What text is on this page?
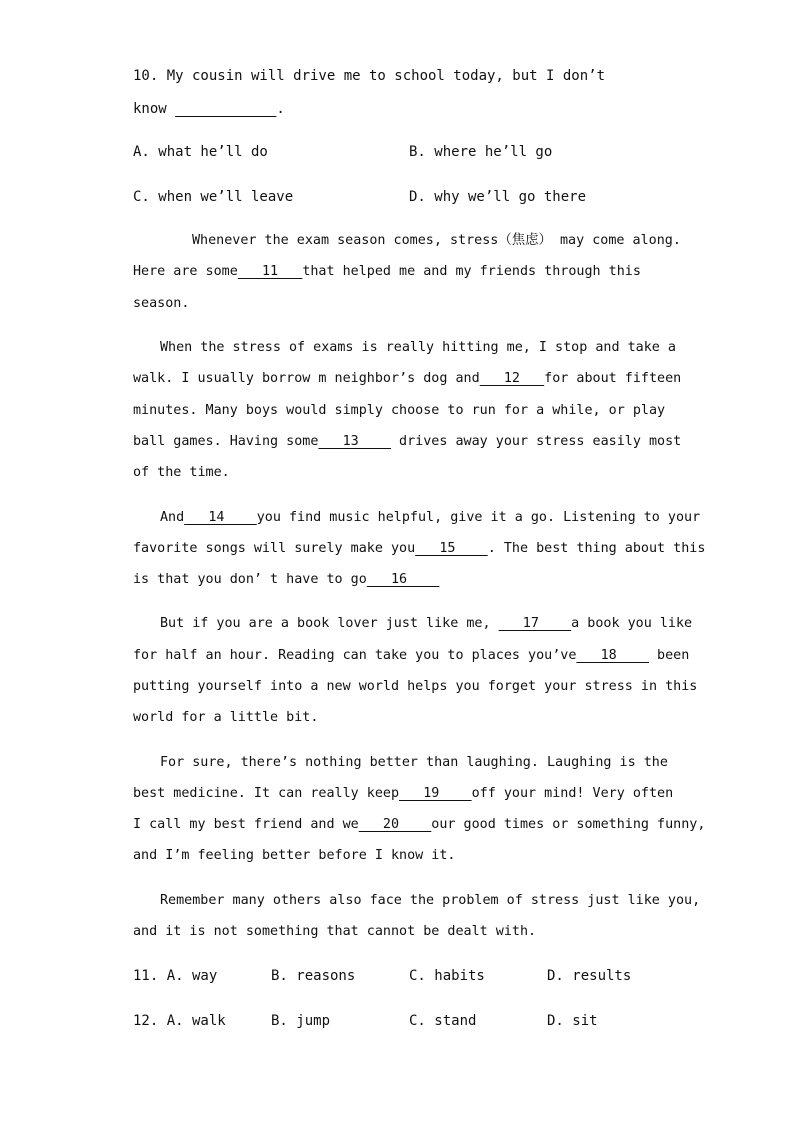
10. My cousin will drive me to school today, but I don’t
know ____________.
A. what he’ll do	B. where he’ll go
C. when we’ll leave	D. why we’ll go there
Whenever the exam season comes, stress（焦虑） may come along.
Here are some   11   that helped me and my friends through this
season.
When the stress of exams is really hitting me, I stop and take a
walk. I usually borrow m neighbor’s dog and   12   for about fifteen
minutes. Many boys would simply choose to run for a while, or play
ball games. Having some   13     drives away your stress easily most
of the time.
And   14    you find music helpful, give it a go. Listening to your
favorite songs will surely make you   15    . The best thing about this
is that you don’ t have to go   16
But if you are a book lover just like me,    17    a book you like
for half an hour. Reading can take you to places you’ve   18     been
putting yourself into a new world helps you forget your stress in this
world for a little bit.
For sure, there’s nothing better than laughing. Laughing is the
best medicine. It can really keep   19    off your mind! Very often
I call my best friend and we   20    our good times or something funny,
and I’m feeling better before I know it.
Remember many others also face the problem of stress just like you,
and it is not something that cannot be dealt with.
11. A. way	B. reasons	C. habits	D. results
12. A. walk	B. jump	C. stand	D. sit
